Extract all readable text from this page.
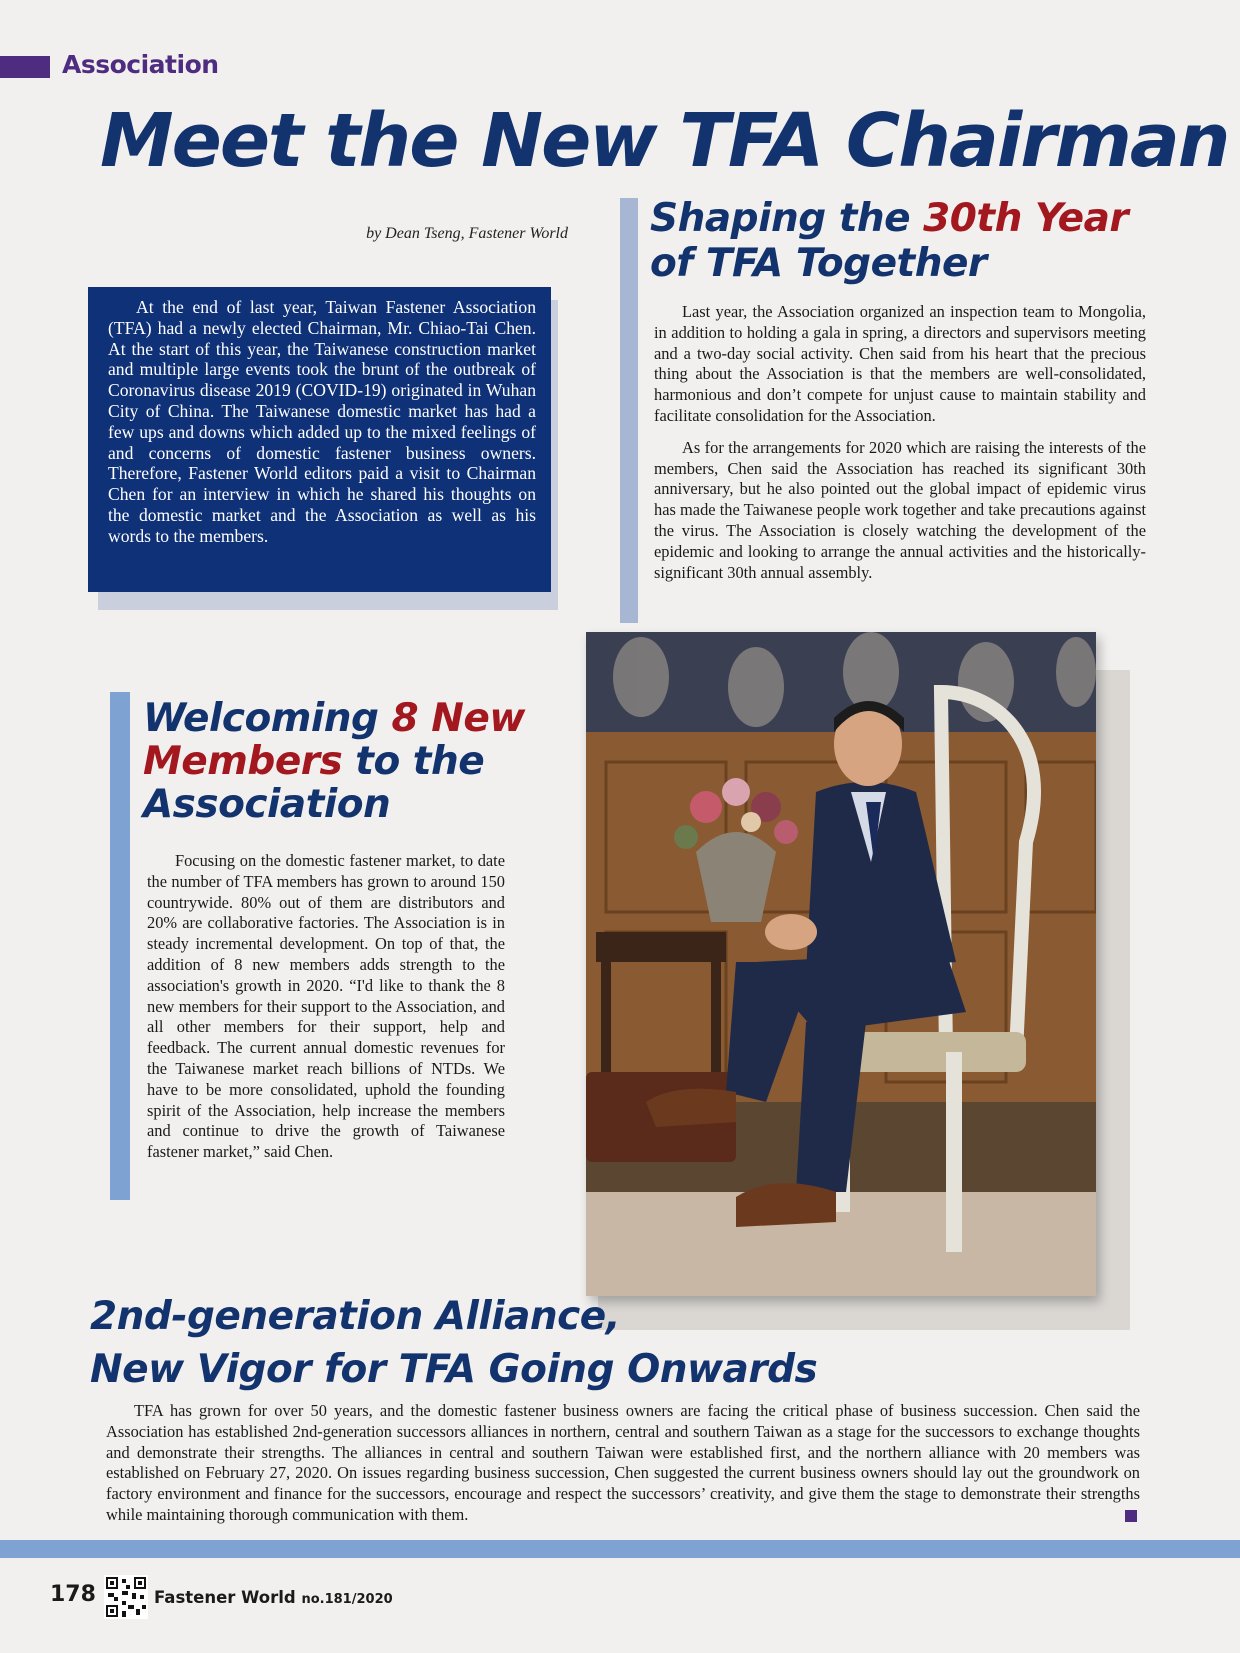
Association
Meet the New TFA Chairman
by Dean Tseng, Fastener World

At the end of last year, Taiwan Fastener Association (TFA) had a newly elected Chairman, Mr. Chiao-Tai Chen. At the start of this year, the Taiwanese construction market and multiple large events took the brunt of the outbreak of Coronavirus disease 2019 (COVID-19) originated in Wuhan City of China. The Taiwanese domestic market has had a few ups and downs which added up to the mixed feelings of and concerns of domestic fastener business owners. Therefore, Fastener World editors paid a visit to Chairman Chen for an interview in which he shared his thoughts on the domestic market and the Association as well as his words to the members.

Shaping the 30th Year
of TFA Together

Last year, the Association organized an inspection team to Mongolia, in addition to holding a gala in spring, a directors and supervisors meeting and a two-day social activity. Chen said from his heart that the precious thing about the Association is that the members are well-consolidated, harmonious and don’t compete for unjust cause to maintain stability and facilitate consolidation for the Association.

As for the arrangements for 2020 which are raising the interests of the members, Chen said the Association has reached its significant 30th anniversary, but he also pointed out the global impact of epidemic virus has made the Taiwanese people work together and take precautions against the virus. The Association is closely watching the development of the epidemic and looking to arrange the annual activities and the historically-significant 30th annual assembly.

Welcoming 8 New
Members to the
Association

Focusing on the domestic fastener market, to date the number of TFA members has grown to around 150 countrywide. 80% out of them are distributors and 20% are collaborative factories. The Association is in steady incremental development. On top of that, the addition of 8 new members adds strength to the association's growth in 2020. “I'd like to thank the 8 new members for their support to the Association, and all other members for their support, help and feedback. The current annual domestic revenues for the Taiwanese market reach billions of NTDs. We have to be more consolidated, uphold the founding spirit of the Association, help increase the members and continue to drive the growth of Taiwanese fastener market,” said Chen.

2nd-generation Alliance,
New Vigor for TFA Going Onwards

TFA has grown for over 50 years, and the domestic fastener business owners are facing the critical phase of business succession. Chen said the Association has established 2nd-generation successors alliances in northern, central and southern Taiwan as a stage for the successors to exchange thoughts and demonstrate their strengths. The alliances in central and southern Taiwan were established first, and the northern alliance with 20 members was established on February 27, 2020. On issues regarding business succession, Chen suggested the current business owners should lay out the groundwork on factory environment and finance for the successors, encourage and respect the successors’ creativity, and give them the stage to demonstrate their strengths while maintaining thorough communication with them.

178	Fastener World no.181/2020
